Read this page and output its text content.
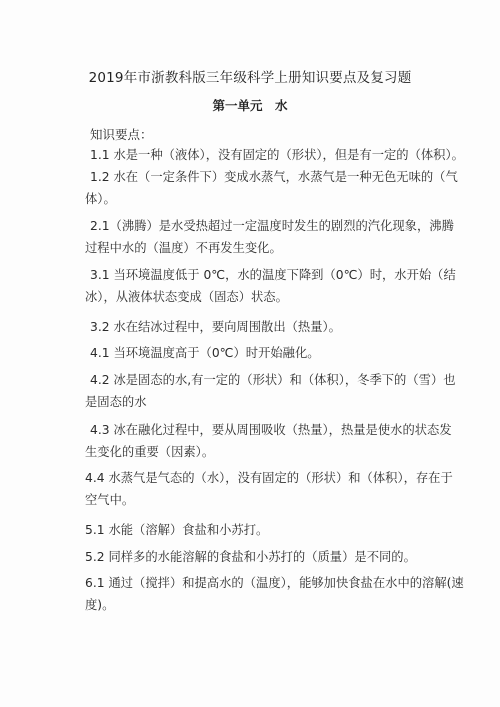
2019年市浙教科版三年级科学上册知识要点及复习题
第一单元　水
知识要点：
1.1 水是一种（液体），没有固定的（形状），但是有一定的（体积）。
1.2 水在（一定条件下）变成水蒸气，水蒸气是一种无色无味的（气
体）。
2.1（沸腾）是水受热超过一定温度时发生的剧烈的汽化现象，沸腾
过程中水的（温度）不再发生变化。
3.1 当环境温度低于 0℃，水的温度下降到（0℃）时，水开始（结
冰），从液体状态变成（固态）状态。
3.2 水在结冰过程中，要向周围散出（热量）。
4.1 当环境温度高于（0℃）时开始融化。
4.2 冰是固态的水,有一定的（形状）和（体积），冬季下的（雪）也
是固态的水
4.3 冰在融化过程中，要从周围吸收（热量），热量是使水的状态发
生变化的重要（因素）。
4.4 水蒸气是气态的（水），没有固定的（形状）和（体积），存在于
空气中。
5.1 水能（溶解）食盐和小苏打。
5.2 同样多的水能溶解的食盐和小苏打的（质量）是不同的。
6.1 通过（搅拌）和提高水的（温度），能够加快食盐在水中的溶解(速
度)。
